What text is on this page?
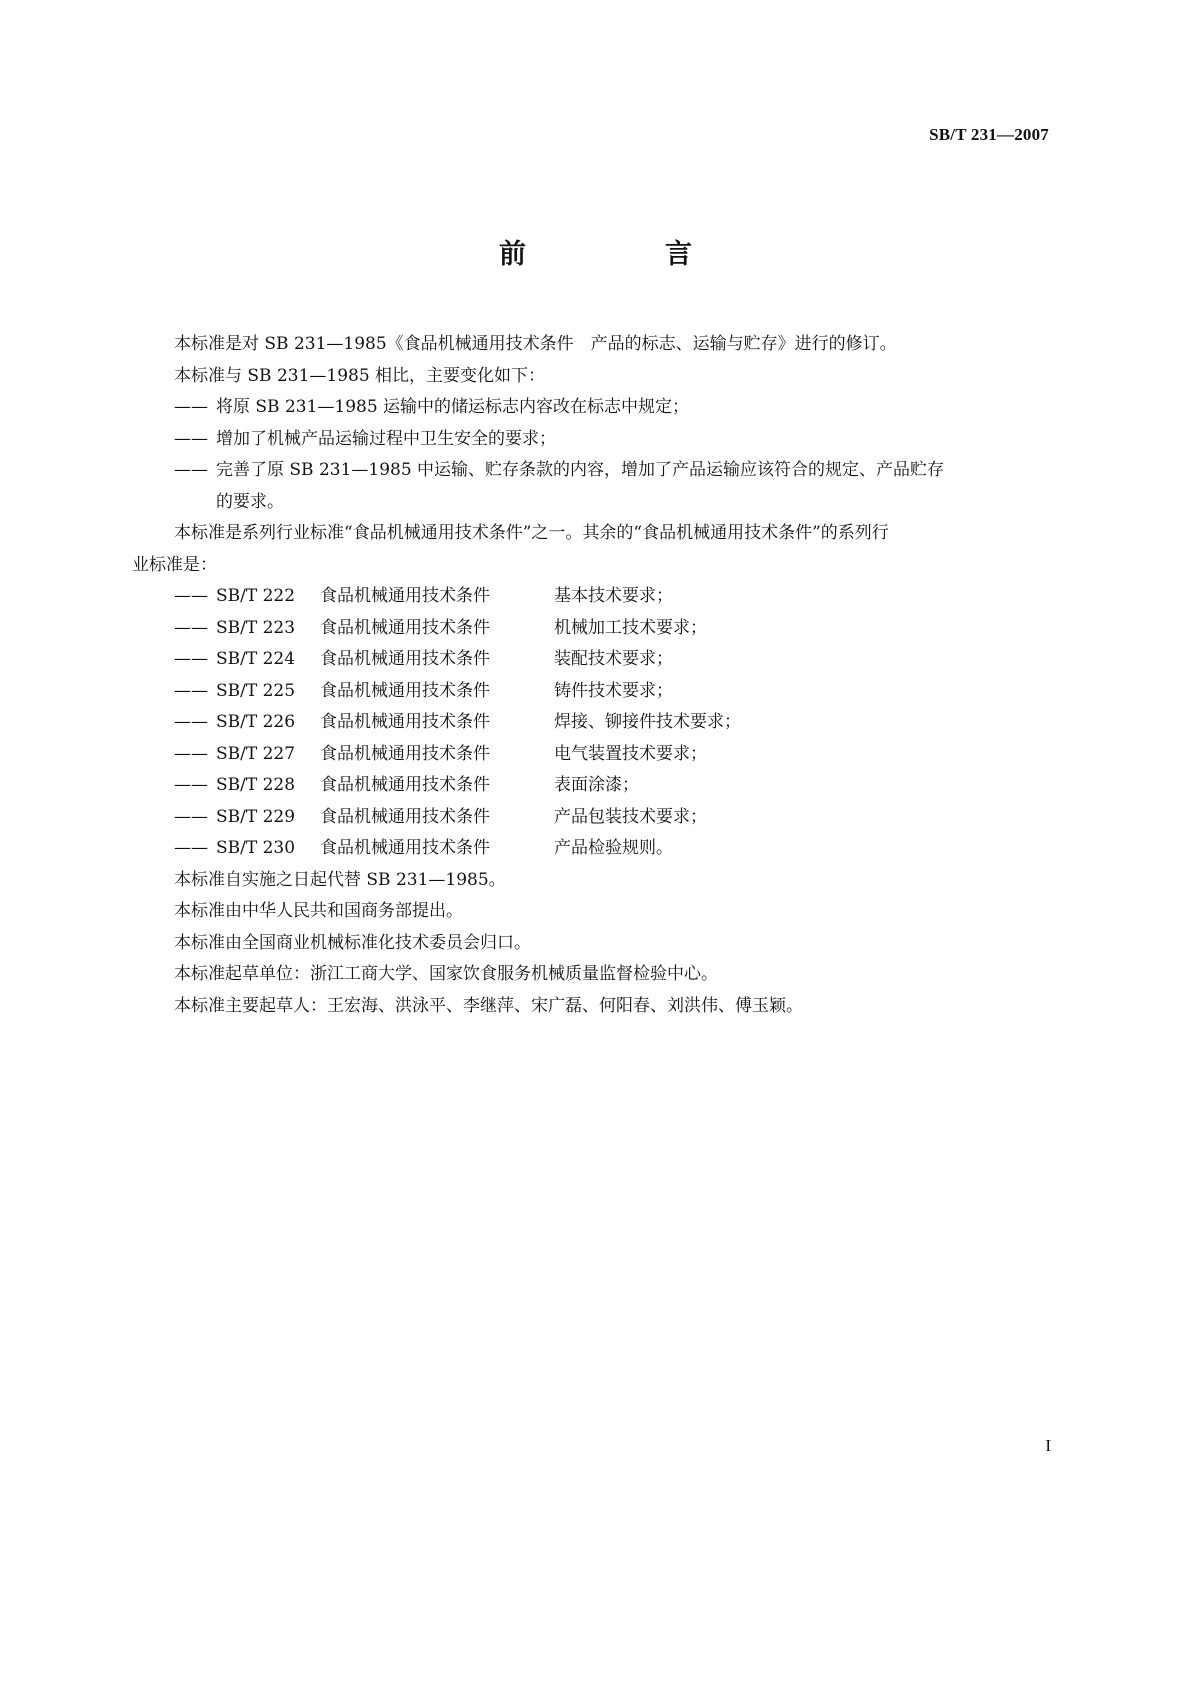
SB/T 231—2007
前　言
本标准是对 SB 231—1985《食品机械通用技术条件　产品的标志、运输与贮存》进行的修订。
本标准与 SB 231—1985 相比，主要变化如下：
—— 将原 SB 231—1985 运输中的储运标志内容改在标志中规定；
—— 增加了机械产品运输过程中卫生安全的要求；
—— 完善了原 SB 231—1985 中运输、贮存条款的内容，增加了产品运输应该符合的规定、产品贮存
的要求。
本标准是系列行业标准“食品机械通用技术条件”之一。其余的“食品机械通用技术条件”的系列行
业标准是：
—— SB/T 222	食品机械通用技术条件	基本技术要求；
—— SB/T 223	食品机械通用技术条件	机械加工技术要求；
—— SB/T 224	食品机械通用技术条件	装配技术要求；
—— SB/T 225	食品机械通用技术条件	铸件技术要求；
—— SB/T 226	食品机械通用技术条件	焊接、铆接件技术要求；
—— SB/T 227	食品机械通用技术条件	电气装置技术要求；
—— SB/T 228	食品机械通用技术条件	表面涂漆；
—— SB/T 229	食品机械通用技术条件	产品包装技术要求；
—— SB/T 230	食品机械通用技术条件	产品检验规则。
本标准自实施之日起代替 SB 231—1985。
本标准由中华人民共和国商务部提出。
本标准由全国商业机械标准化技术委员会归口。
本标准起草单位：浙江工商大学、国家饮食服务机械质量监督检验中心。
本标准主要起草人：王宏海、洪泳平、李继萍、宋广磊、何阳春、刘洪伟、傅玉颖。
I
